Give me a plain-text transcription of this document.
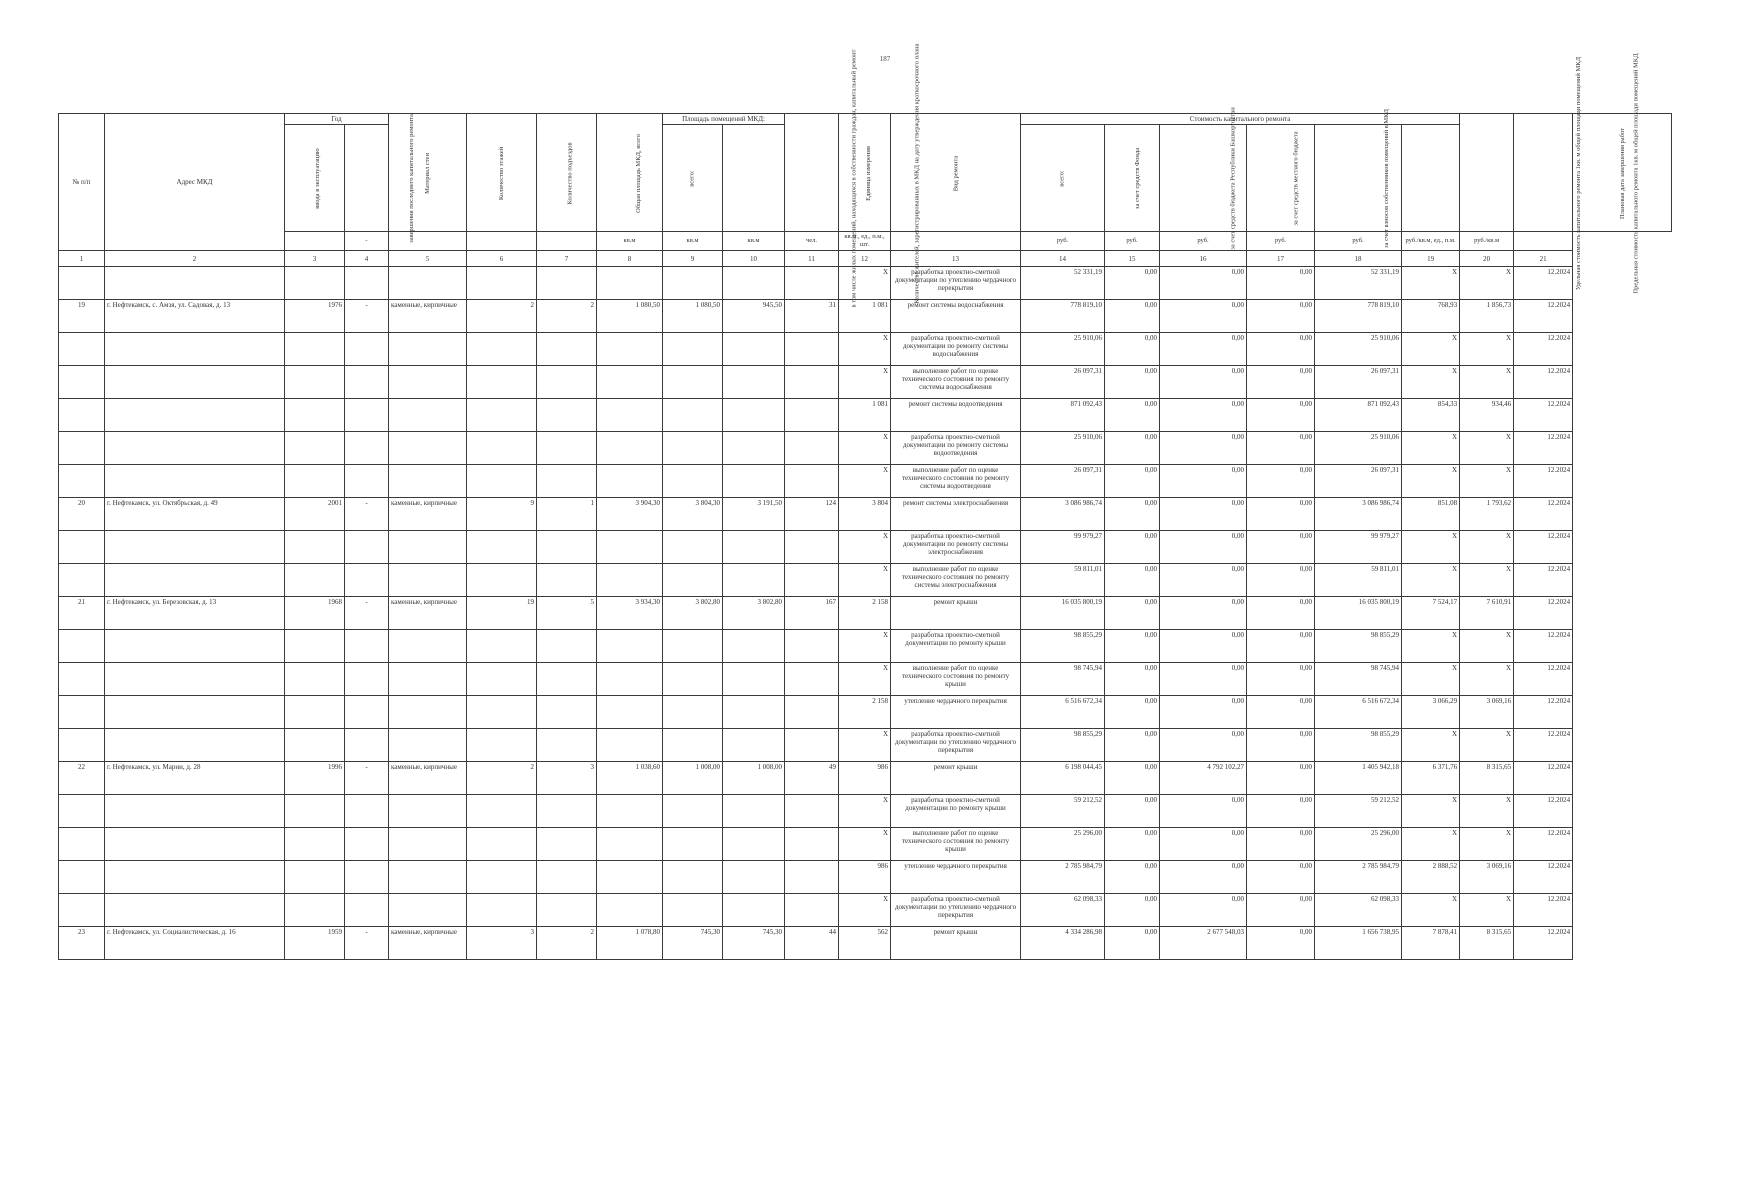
187
№ п/п	Адрес МКД	Год		Материал стен	Количество этажей	Количество подъездов	Общая площадь МКД, всего	Площадь помещений МКД:		Количество жителей, зарегистрированных в МКД на дату утверждения краткосрочного плана	Единица измерения	Вид ремонта	Стоимость капитального ремонта						Удельная стоимость капитального ремонта 1кв. м общей площади помещений МКД	Предельная стоимость капитального ремонта 1кв. м общей площади помещений МКД	Плановая дата завершения работ
		ввода в эксплуатацию	завершения последнего капитального ремонта					всего:	в том числе жилых помещений, находящихся в собственности граждан, капитальный ремонт				всего:	за счет средств Фонда	за счет средств бюджета Республики Башкортостан	за счет средств местного бюджета	за счет взносов собственников помещений в МКД			
			-				кв.м	кв.м	кв.м	чел.	кв.м., ед., п.м., шт.		руб.	руб.	руб.	руб.	руб.	руб./кв.м, ед., п.м.	руб./кв.м		
1	2	3	4	5	6	7	8	9	10	11	12	13	14	15	16	17	18	19	20	21	
											X	разработка проектно-сметной документации по утеплению чердачного перекрытия	52 331,19	0,00	0,00	0,00	52 331,19	X	X	12.2024	
19	г. Нефтекамск, с. Амзя, ул. Садовая, д. 13	1976	-	каменные, кирпичные	2	2	1 080,50	1 080,50	945,50	31	1 081	ремонт системы водоснабжения	778 819,10	0,00	0,00	0,00	778 819,10	768,93	1 856,73	12.2024	
											X	разработка проектно-сметной документации по ремонту системы водоснабжения	25 910,06	0,00	0,00	0,00	25 910,06	X	X	12.2024	
											X	выполнение работ по оценке технического состояния по ремонту системы водоснабжения	26 097,31	0,00	0,00	0,00	26 097,31	X	X	12.2024	
											1 081	ремонт системы водоотведения	871 092,43	0,00	0,00	0,00	871 092,43	854,33	934,46	12.2024	
											X	разработка проектно-сметной документации по ремонту системы водоотведения	25 910,06	0,00	0,00	0,00	25 910,06	X	X	12.2024	
											X	выполнение работ по оценке технического состояния по ремонту системы водоотведения	26 097,31	0,00	0,00	0,00	26 097,31	X	X	12.2024	
20	г. Нефтекамск, ул. Октябрьская, д. 49	2001	-	каменные, кирпичные	9	1	3 904,30	3 804,30	3 191,50	124	3 804	ремонт системы электроснабжения	3 086 986,74	0,00	0,00	0,00	3 086 986,74	851,08	1 793,62	12.2024	
											X	разработка проектно-сметной документации по ремонту системы электроснабжения	99 979,27	0,00	0,00	0,00	99 979,27	X	X	12.2024	
											X	выполнение работ по оценке технического состояния по ремонту системы электроснабжения	59 811,01	0,00	0,00	0,00	59 811,01	X	X	12.2024	
21	г. Нефтекамск, ул. Березовская, д. 13	1968	-	каменные, кирпичные	19	5	3 934,30	3 802,80	3 802,80	167	2 158	ремонт крыши	16 035 800,19	0,00	0,00	0,00	16 035 800,19	7 524,17	7 610,91	12.2024	
											X	разработка проектно-сметной документации по ремонту крыши	98 855,29	0,00	0,00	0,00	98 855,29	X	X	12.2024	
											X	выполнение работ по оценке технического состояния по ремонту крыши	98 745,94	0,00	0,00	0,00	98 745,94	X	X	12.2024	
											2 158	утепление чердачного перекрытия	6 516 672,34	0,00	0,00	0,00	6 516 672,34	3 066,29	3 069,16	12.2024	
											X	разработка проектно-сметной документации по утеплению чердачного перекрытия	98 855,29	0,00	0,00	0,00	98 855,29	X	X	12.2024	
22	г. Нефтекамск, ул. Марии, д. 28	1996	-	каменные, кирпичные	2	3	1 038,60	1 008,00	1 008,00	49	986	ремонт крыши	6 198 044,45	0,00	4 792 102,27	0,00	1 405 942,18	6 371,76	8 315,65	12.2024	
											X	разработка проектно-сметной документации по ремонту крыши	59 212,52	0,00	0,00	0,00	59 212,52	X	X	12.2024	
											X	выполнение работ по оценке технического состояния по ремонту крыши	25 296,00	0,00	0,00	0,00	25 296,00	X	X	12.2024	
											986	утепление чердачного перекрытия	2 785 984,79	0,00	0,00	0,00	2 785 984,79	2 888,52	3 069,16	12.2024	
											X	разработка проектно-сметной документации по утеплению чердачного перекрытия	62 098,33	0,00	0,00	0,00	62 098,33	X	X	12.2024	
23	г. Нефтекамск, ул. Социалистическая, д. 16	1959	-	каменные, кирпичные	3	2	1 078,80	745,30	745,30	44	562	ремонт крыши	4 334 286,98	0,00	2 677 548,03	0,00	1 656 738,95	7 878,41	8 315,65	12.2024	
